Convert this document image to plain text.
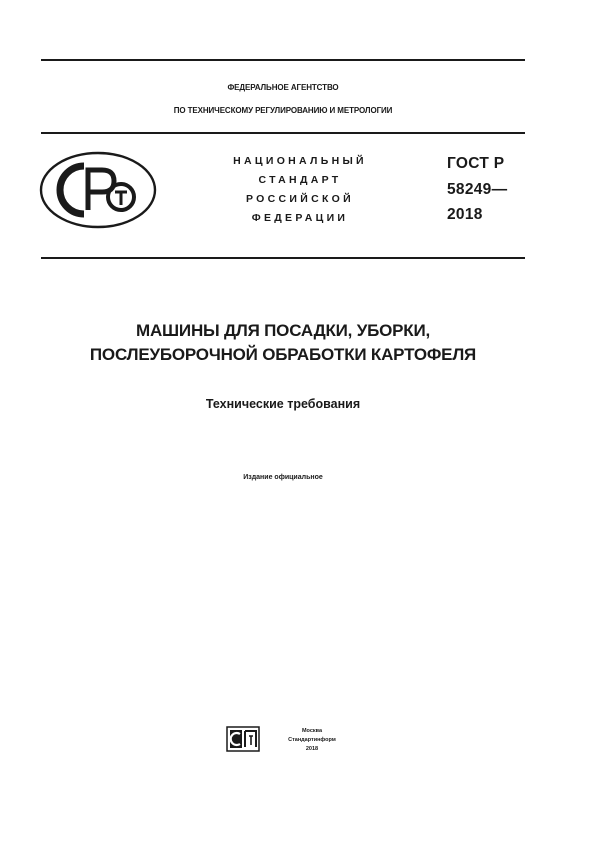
ФЕДЕРАЛЬНОЕ АГЕНТСТВО
ПО ТЕХНИЧЕСКОМУ РЕГУЛИРОВАНИЮ И МЕТРОЛОГИИ
НАЦИОНАЛЬНЫЙ
СТАНДАРТ
РОССИЙСКОЙ
ФЕДЕРАЦИИ
ГОСТ Р
58249—
2018
МАШИНЫ ДЛЯ ПОСАДКИ, УБОРКИ,
ПОСЛЕУБОРОЧНОЙ ОБРАБОТКИ КАРТОФЕЛЯ
Технические требования
Издание официальное
Москва
Стандартинформ
2018
